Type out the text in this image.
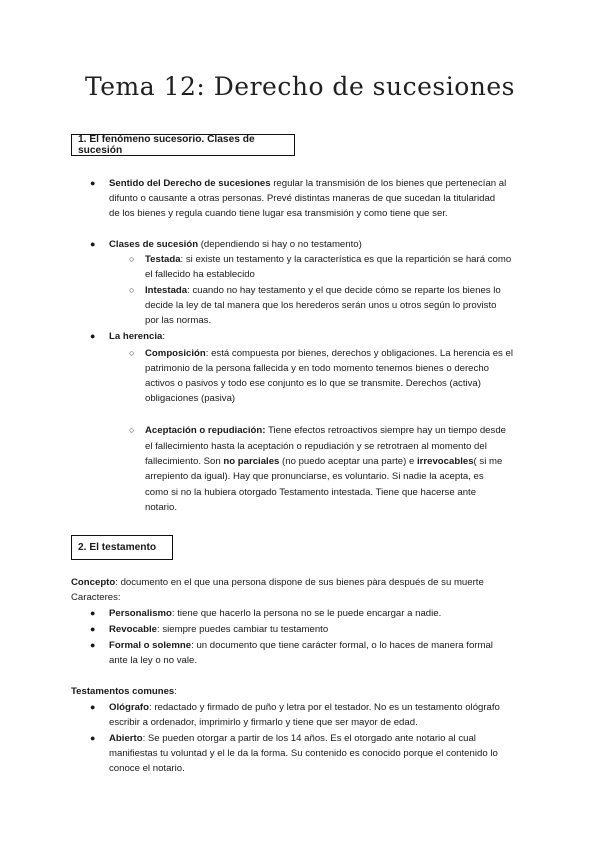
Tema 12: Derecho de sucesiones
1. El fenómeno sucesorio. Clases de sucesión
● Sentido del Derecho de sucesiones regular la transmisión de los bienes que pertenecían al
difunto o causante a otras personas. Prevé distintas maneras de que sucedan la titularidad
de los bienes y regula cuando tiene lugar esa transmisión y como tiene que ser.
● Clases de sucesión (dependiendo si hay o no testamento)
○ Testada: si existe un testamento y la característica es que la repartición se hará como
el fallecido ha establecido
○ Intestada: cuando no hay testamento y el que decide cómo se reparte los bienes lo
decide la ley de tal manera que los herederos serán unos u otros según lo provisto
por las normas.
● La herencia:
○ Composición: está compuesta por bienes, derechos y obligaciones. La herencia es el
patrimonio de la persona fallecida y en todo momento tenemos bienes o derecho
activos o pasivos y todo ese conjunto es lo que se transmite. Derechos (activa)
obligaciones (pasiva)
○ Aceptación o repudiación: Tiene efectos retroactivos siempre hay un tiempo desde
el fallecimiento hasta la aceptación o repudiación y se retrotraen al momento del
fallecimiento. Son no parciales (no puedo aceptar una parte) e irrevocables( si me
arrepiento da igual). Hay que pronunciarse, es voluntario. Si nadie la acepta, es
como si no la hubiera otorgado Testamento intestada. Tiene que hacerse ante
notario.
2. El testamento
Concepto: documento en el que una persona dispone de sus bienes pàra después de su muerte
Caracteres:
● Personalismo: tiene que hacerlo la persona no se le puede encargar a nadie.
● Revocable: siempre puedes cambiar tu testamento
● Formal o solemne: un documento que tiene carácter formal, o lo haces de manera formal
ante la ley o no vale.
Testamentos comunes:
● Ológrafo: redactado y firmado de puño y letra por el testador. No es un testamento ológrafo
escribir a ordenador, imprimirlo y firmarlo y tiene que ser mayor de edad.
● Abierto: Se pueden otorgar a partir de los 14 años. Es el otorgado ante notario al cual
manifiestas tu voluntad y el le da la forma. Su contenido es conocido porque el contenido lo
conoce el notario.
